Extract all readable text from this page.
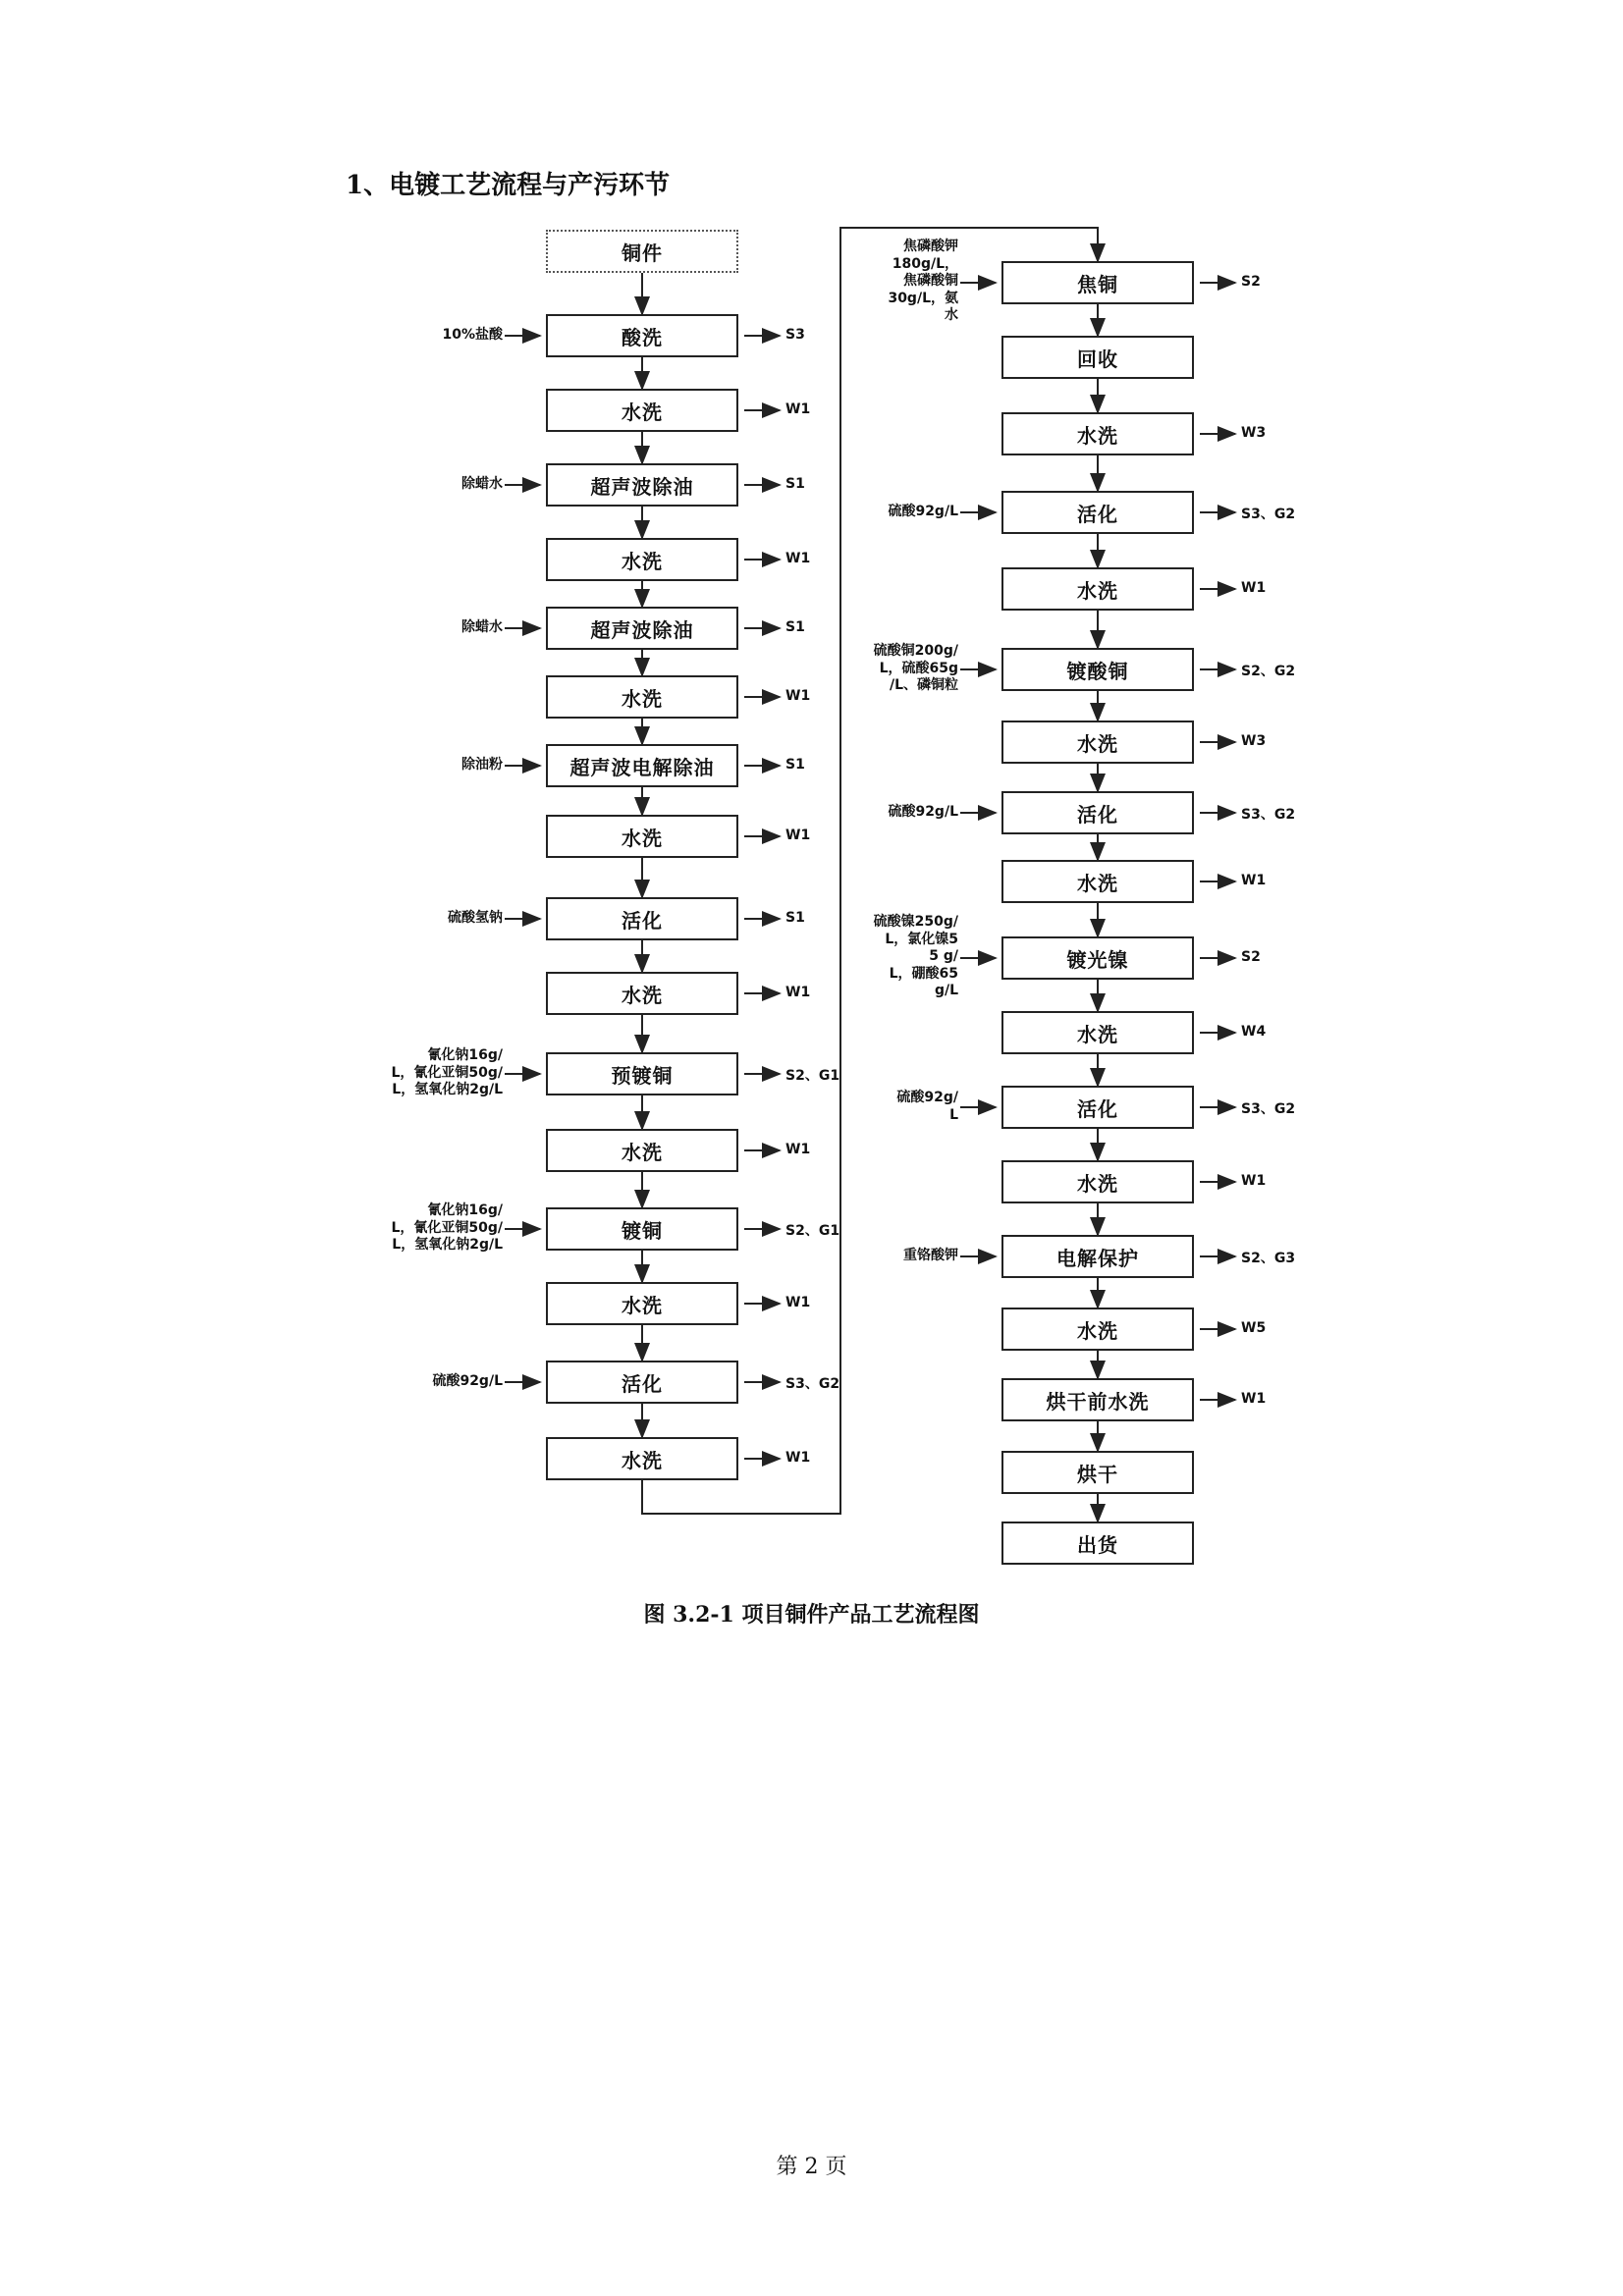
1、电镀工艺流程与产污环节
铜件
酸洗
10%盐酸	S3
水洗	W1
超声波除油
除蜡水	S1
水洗	W1
超声波除油
除蜡水	S1
水洗	W1
超声波电解除油
除油粉	S1
水洗	W1
活化
硫酸氢钠	S1
水洗	W1
预镀铜
氰化钠16g/
L，氰化亚铜50g/
L，氢氧化钠2g/L
S2、G1
水洗	W1
镀铜
氰化钠16g/
L，氰化亚铜50g/
L，氢氧化钠2g/L
S2、G1
水洗	W1
活化
硫酸92g/L	S3、G2
水洗	W1
焦铜
焦磷酸钾
180g/L，
焦磷酸铜
30g/L，氨
水
S2
回收
水洗	W3
活化
硫酸92g/L	S3、G2
水洗	W1
镀酸铜
硫酸铜200g/
L，硫酸65g
/L、磷铜粒
S2、G2
水洗	W3
活化
硫酸92g/L	S3、G2
水洗	W1
镀光镍
硫酸镍250g/
L，氯化镍5
5 g/
L，硼酸65
g/L
S2
水洗	W4
活化
硫酸92g/
L	S3、G2
水洗	W1
电解保护
重铬酸钾	S2、G3
水洗	W5
烘干前水洗	W1
烘干
出货
图 3.2-1 项目铜件产品工艺流程图
第 2 页
